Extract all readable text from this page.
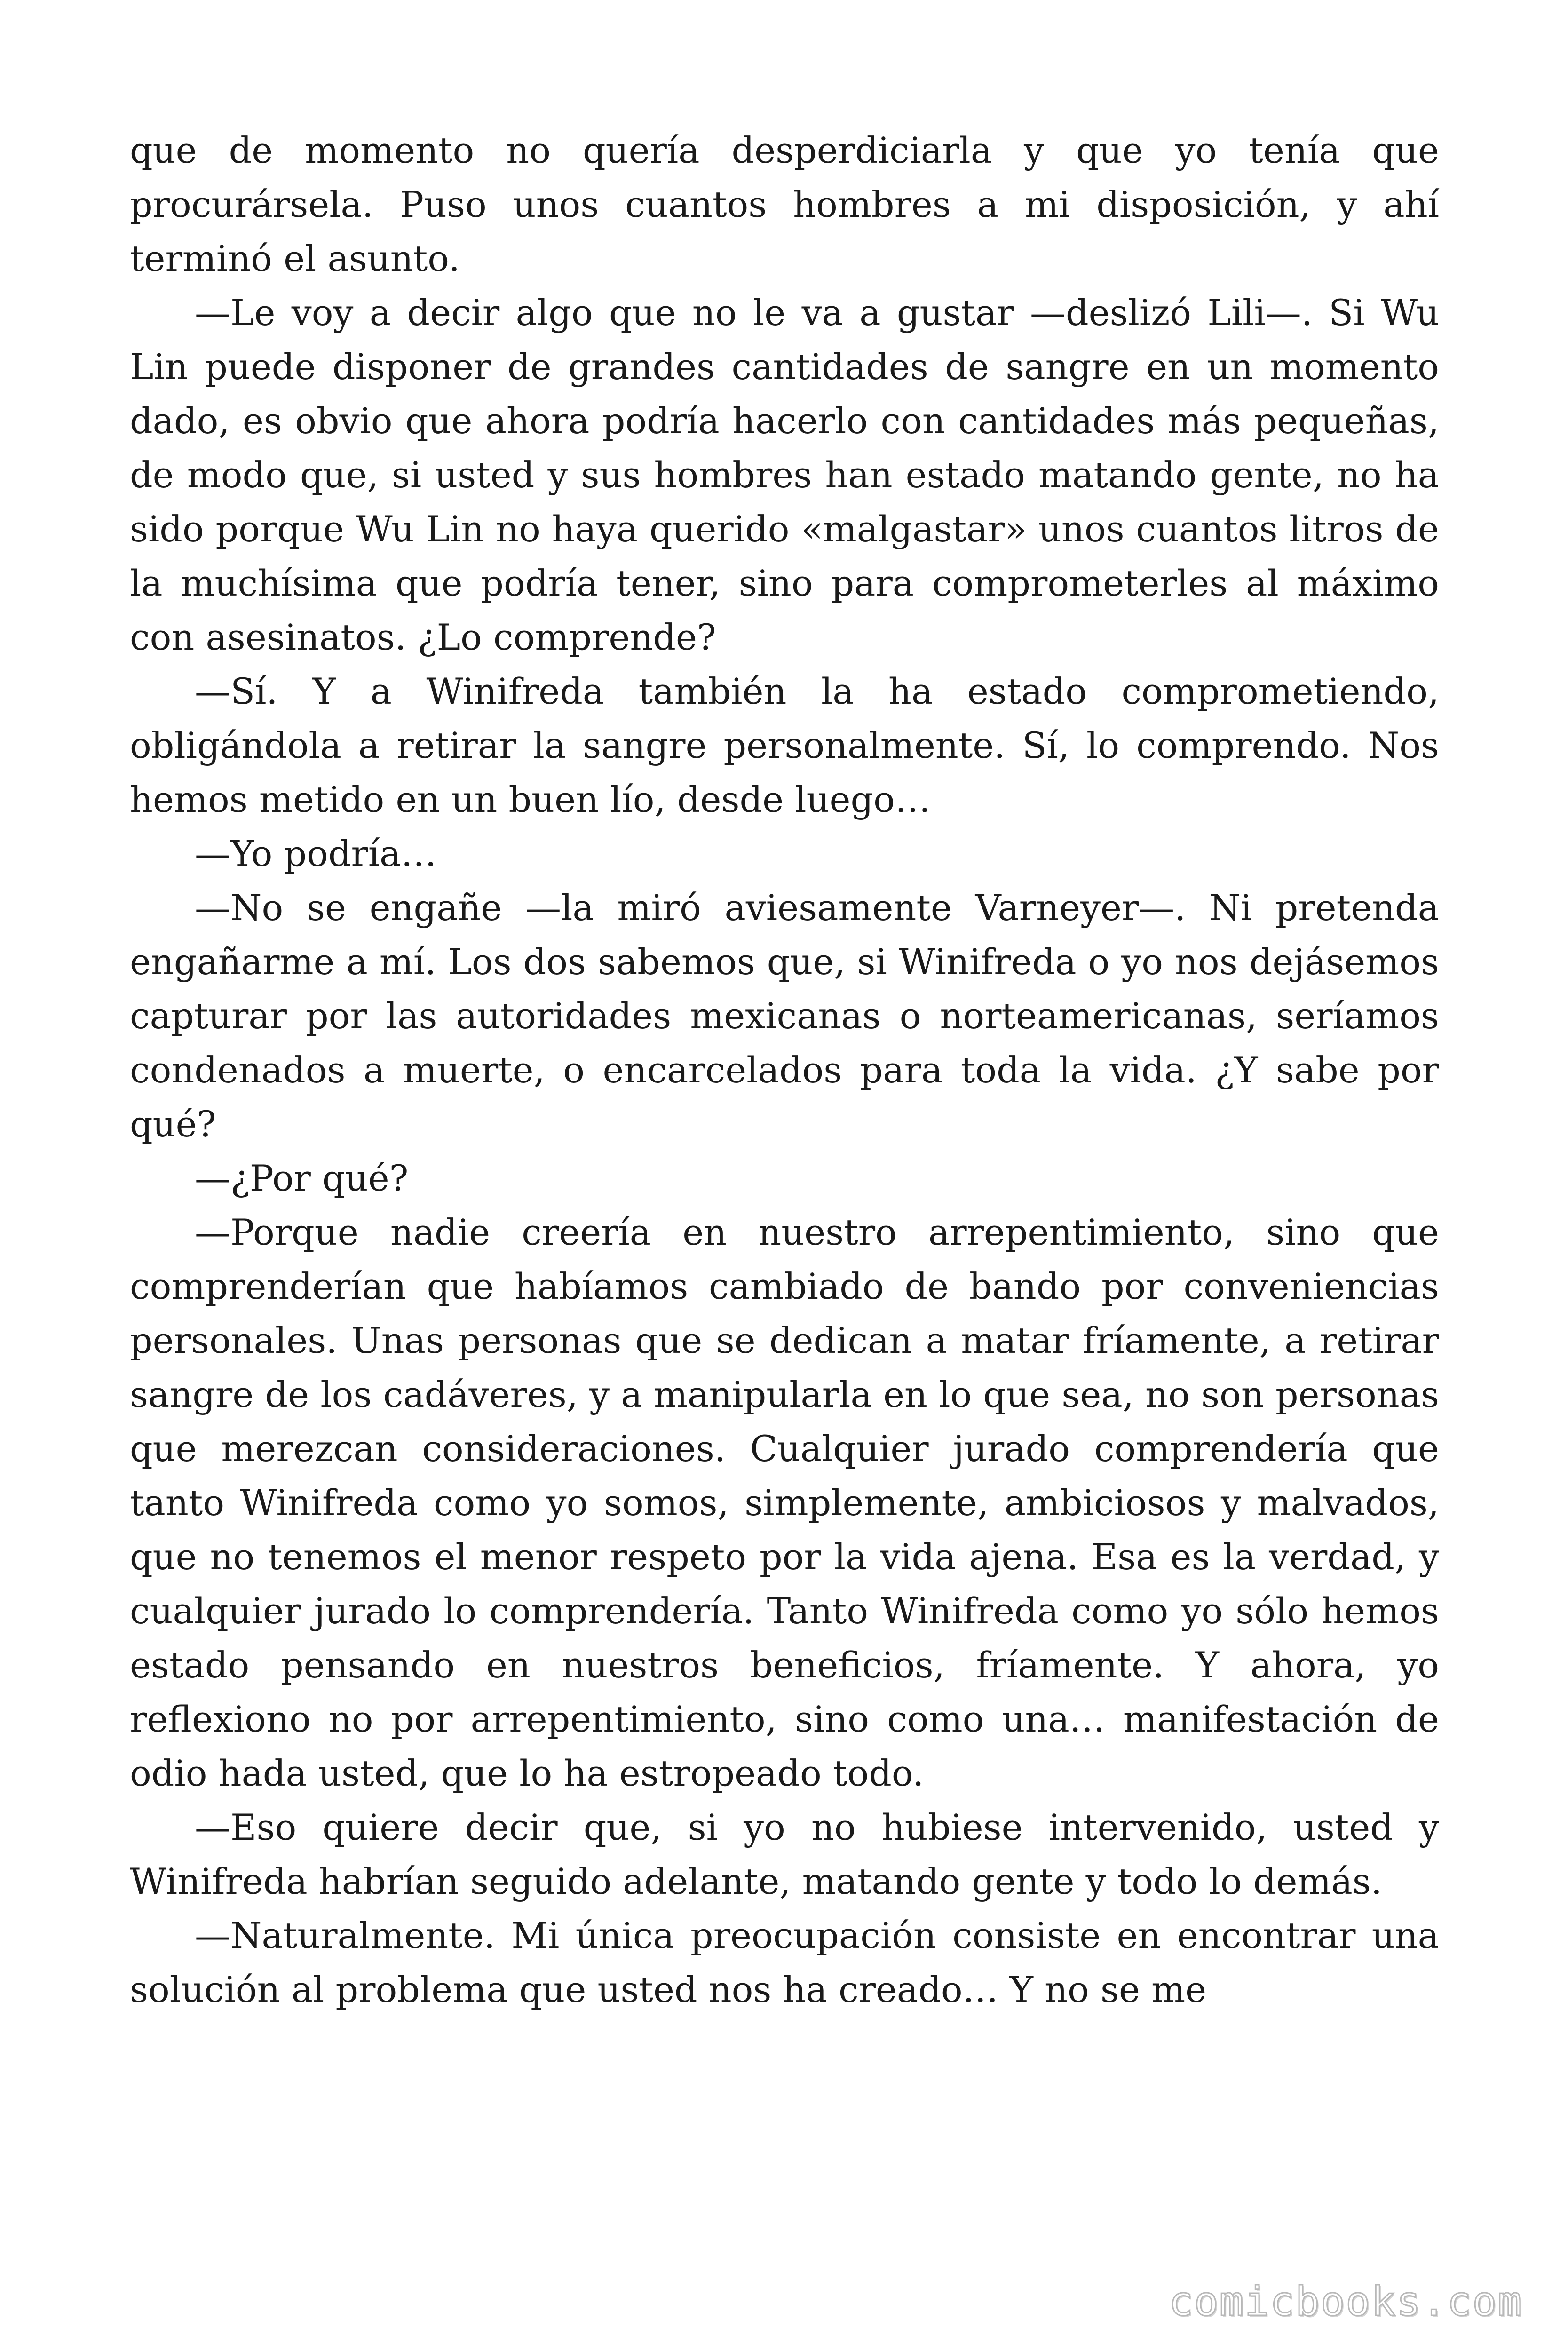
que de momento no quería desperdiciarla y que yo tenía que procurársela. Puso unos cuantos hombres a mi disposición, y ahí terminó el asunto.

—Le voy a decir algo que no le va a gustar —deslizó Lili—. Si Wu Lin puede disponer de grandes cantidades de sangre en un momento dado, es obvio que ahora podría hacerlo con cantidades más pequeñas, de modo que, si usted y sus hombres han estado matando gente, no ha sido porque Wu Lin no haya querido «malgastar» unos cuantos litros de la muchísima que podría tener, sino para comprometerles al máximo con asesinatos. ¿Lo comprende?

—Sí. Y a Winifreda también la ha estado comprometiendo, obligándola a retirar la sangre personalmente. Sí, lo comprendo. Nos hemos metido en un buen lío, desde luego…

—Yo podría…

—No se engañe —la miró aviesamente Varneyer—. Ni pretenda engañarme a mí. Los dos sabemos que, si Winifreda o yo nos dejásemos capturar por las autoridades mexicanas o norteamericanas, seríamos condenados a muerte, o encarcelados para toda la vida. ¿Y sabe por qué?

—¿Por qué?

—Porque nadie creería en nuestro arrepentimiento, sino que comprenderían que habíamos cambiado de bando por conveniencias personales. Unas personas que se dedican a matar fríamente, a retirar sangre de los cadáveres, y a manipularla en lo que sea, no son personas que merezcan consideraciones. Cualquier jurado comprendería que tanto Winifreda como yo somos, simplemente, ambiciosos y malvados, que no tenemos el menor respeto por la vida ajena. Esa es la verdad, y cualquier jurado lo comprendería. Tanto Winifreda como yo sólo hemos estado pensando en nuestros beneficios, fríamente. Y ahora, yo reflexiono no por arrepentimiento, sino como una… manifestación de odio hada usted, que lo ha estropeado todo.

—Eso quiere decir que, si yo no hubiese intervenido, usted y Winifreda habrían seguido adelante, matando gente y todo lo demás.

—Naturalmente. Mi única preocupación consiste en encontrar una solución al problema que usted nos ha creado… Y no se me

comicbooks.com
